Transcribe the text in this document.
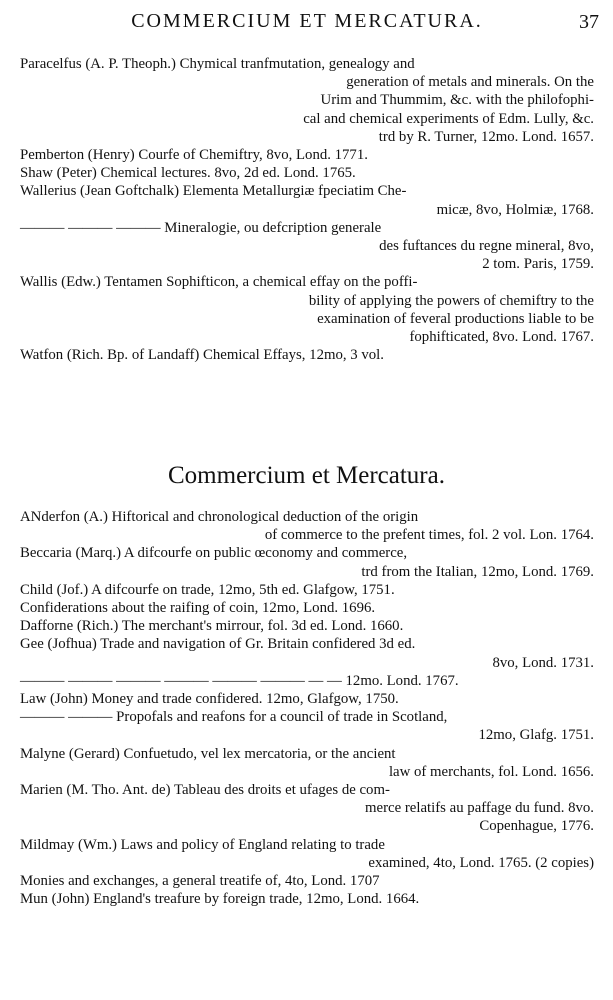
COMMERCIUM ET MERCATURA.	37
Paracelfus (A. P. Theoph.) Chymical tranfmutation, genealogy and
generation of metals and minerals. On the
Urim and Thummim, &c. with the philofophi-
cal and chemical experiments of Edm. Lully, &c.
trd by R. Turner, 12mo. Lond. 1657.
Pemberton (Henry) Courfe of Chemiftry, 8vo, Lond. 1771.
Shaw (Peter) Chemical lectures. 8vo, 2d ed. Lond. 1765.
Wallerius (Jean Goftchalk) Elementa Metallurgiæ fpeciatim Che-
micæ, 8vo, Holmiæ, 1768.
——— ——— ——— Mineralogie, ou defcription generale
des fuftances du regne mineral, 8vo,
2 tom. Paris, 1759.
Wallis (Edw.) Tentamen Sophifticon, a chemical effay on the poffi-
bility of applying the powers of chemiftry to the
examination of feveral productions liable to be
fophifticated, 8vo. Lond. 1767.
Watfon (Rich. Bp. of Landaff) Chemical Effays, 12mo, 3 vol.
Commercium et Mercatura.
ANderfon (A.) Hiftorical and chronological deduction of the origin
of commerce to the prefent times, fol. 2 vol. Lon. 1764.
Beccaria (Marq.) A difcourfe on public œconomy and commerce,
trd from the Italian, 12mo, Lond. 1769.
Child (Jof.) A difcourfe on trade, 12mo, 5th ed. Glafgow, 1751.
Confiderations about the raifing of coin, 12mo, Lond. 1696.
Dafforne (Rich.) The merchant's mirrour, fol. 3d ed. Lond. 1660.
Gee (Jofhua) Trade and navigation of Gr. Britain confidered 3d ed.
8vo, Lond. 1731.
——— ——— ——— ——— ——— ——— — — 12mo. Lond. 1767.
Law (John) Money and trade confidered. 12mo, Glafgow, 1750.
——— ——— Propofals and reafons for a council of trade in Scotland,
12mo, Glafg. 1751.
Malyne (Gerard) Confuetudo, vel lex mercatoria, or the ancient
law of merchants, fol. Lond. 1656.
Marien (M. Tho. Ant. de) Tableau des droits et ufages de com-
merce relatifs au paffage du fund. 8vo.
Copenhague, 1776.
Mildmay (Wm.) Laws and policy of England relating to trade
examined, 4to, Lond. 1765. (2 copies)
Monies and exchanges, a general treatife of, 4to, Lond. 1707
Mun (John) England's treafure by foreign trade, 12mo, Lond. 1664.
